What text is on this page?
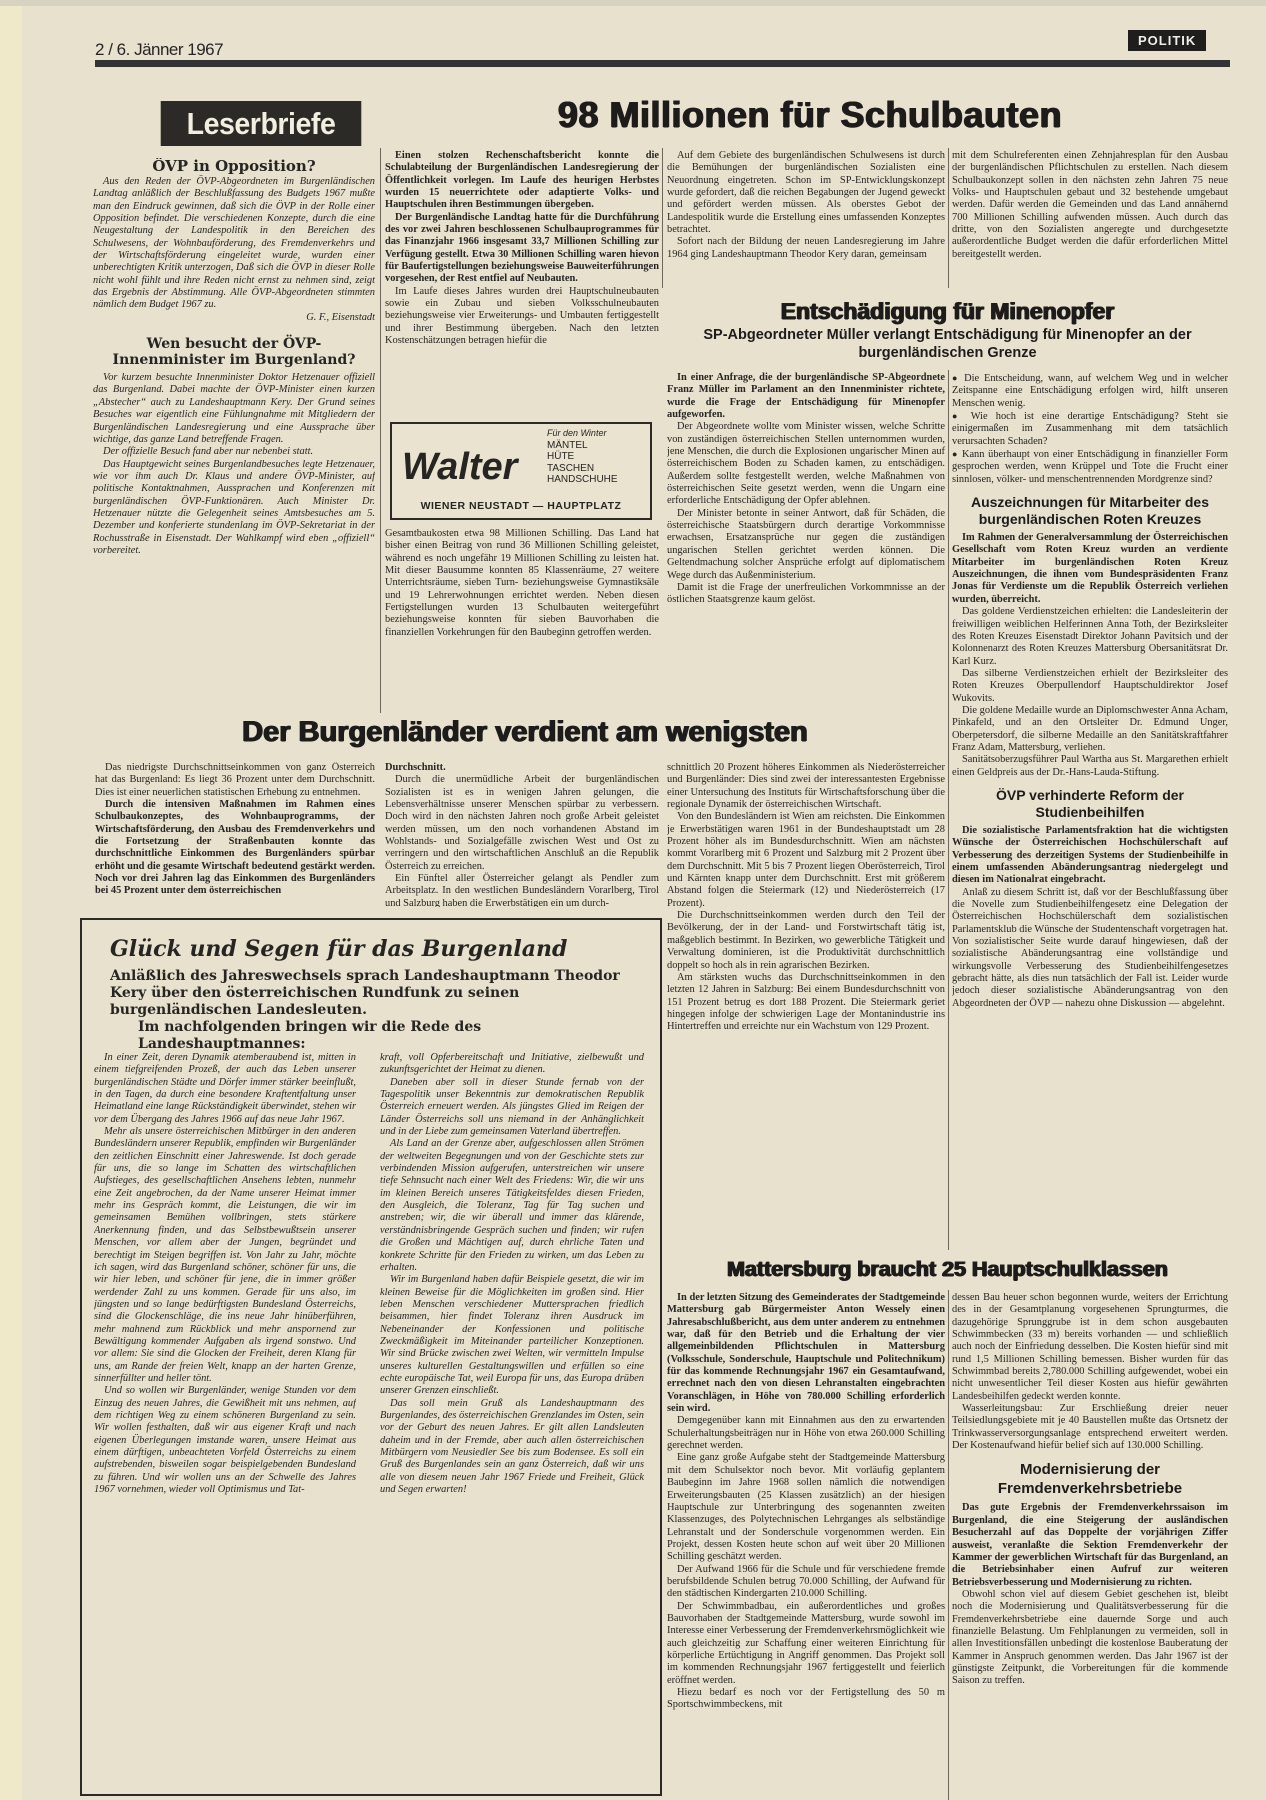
2 / 6. Jänner 1967	POLITIK
Leserbriefe
ÖVP in Opposition?

Aus den Reden der ÖVP-Abgeordneten im Burgenländischen Landtag anläßlich der Beschlußfassung des Budgets 1967 mußte man den Eindruck gewinnen, daß sich die ÖVP in der Rolle einer Opposition befindet. Die verschiedenen Konzepte, durch die eine Neugestaltung der Landespolitik in den Bereichen des Schulwesens, der Wohnbauförderung, des Fremdenverkehrs und der Wirtschaftsförderung eingeleitet wurde, wurden einer unberechtigten Kritik unterzogen, Daß sich die ÖVP in dieser Rolle nicht wohl fühlt und ihre Reden nicht ernst zu nehmen sind, zeigt das Ergebnis der Abstimmung. Alle ÖVP-Abgeordneten stimmten nämlich dem Budget 1967 zu.

G. F., Eisenstadt
Wen besucht der ÖVP-Innenminister im Burgenland?

Vor kurzem besuchte Innenminister Doktor Hetzenauer offiziell das Burgenland. Dabei machte der ÖVP-Minister einen kurzen „Abstecher“ auch zu Landeshauptmann Kery. Der Grund seines Besuches war eigentlich eine Fühlungnahme mit Mitgliedern der Burgenländischen Landesregierung und eine Aussprache über wichtige, das ganze Land betreffende Fragen.

Der offizielle Besuch fand aber nur nebenbei statt.

Das Hauptgewicht seines Burgenlandbesuches legte Hetzenauer, wie vor ihm auch Dr. Klaus und andere ÖVP-Minister, auf politische Kontaktnahmen, Aussprachen und Konferenzen mit burgenländischen ÖVP-Funktionären. Auch Minister Dr. Hetzenauer nützte die Gelegenheit seines Amtsbesuches am 5. Dezember und konferierte stundenlang im ÖVP-Sekretariat in der Rochusstraße in Eisenstadt. Der Wahlkampf wird eben „offiziell“ vorbereitet.

98 Millionen für Schulbauten

Einen stolzen Rechenschaftsbericht konnte die Schulabteilung der Burgenländischen Landesregierung der Öffentlichkeit vorlegen. Im Laufe des heurigen Herbstes wurden 15 neuerrichtete oder adaptierte Volks- und Hauptschulen ihren Bestimmungen übergeben.

Der Burgenländische Landtag hatte für die Durchführung des vor zwei Jahren beschlossenen Schulbauprogrammes für das Finanzjahr 1966 insgesamt 33,7 Millionen Schilling zur Verfügung gestellt. Etwa 30 Millionen Schilling waren hievon für Baufertigstellungen beziehungsweise Bauweiterführungen vorgesehen, der Rest entfiel auf Neubauten.

Im Laufe dieses Jahres wurden drei Hauptschulneubauten sowie ein Zubau und sieben Volksschulneubauten beziehungsweise vier Erweiterungs- und Umbauten fertiggestellt und ihrer Bestimmung übergeben. Nach den letzten Kostenschätzungen betragen hiefür die

Walter
Für den Winter
MÄNTEL
HÜTE
TASCHEN
HANDSCHUHE
WIENER NEUSTADT — HAUPTPLATZ

Gesamtbaukosten etwa 98 Millionen Schilling. Das Land hat bisher einen Beitrag von rund 36 Millionen Schilling geleistet, während es noch ungefähr 19 Millionen Schilling zu leisten hat. Mit dieser Bausumme konnten 85 Klassenräume, 27 weitere Unterrichtsräume, sieben Turn- beziehungsweise Gymnastiksäle und 19 Lehrerwohnungen errichtet werden. Neben diesen Fertigstellungen wurden 13 Schulbauten weitergeführt beziehungsweise konnten für sieben Bauvorhaben die finanziellen Vorkehrungen für den Baubeginn getroffen werden.

Auf dem Gebiete des burgenländischen Schulwesens ist durch die Bemühungen der burgenländischen Sozialisten eine Neuordnung eingetreten. Schon im SP-Entwicklungskonzept wurde gefordert, daß die reichen Begabungen der Jugend geweckt und gefördert werden müssen. Als oberstes Gebot der Landespolitik wurde die Erstellung eines umfassenden Konzeptes betrachtet.

Sofort nach der Bildung der neuen Landesregierung im Jahre 1964 ging Landeshauptmann Theodor Kery daran, gemeinsam

mit dem Schulreferenten einen Zehnjahresplan für den Ausbau der burgenländischen Pflichtschulen zu erstellen. Nach diesem Schulbaukonzept sollen in den nächsten zehn Jahren 75 neue Volks- und Hauptschulen gebaut und 32 bestehende umgebaut werden. Dafür werden die Gemeinden und das Land annähernd 700 Millionen Schilling aufwenden müssen. Auch durch das dritte, von den Sozialisten angeregte und durchgesetzte außerordentliche Budget werden die dafür erforderlichen Mittel bereitgestellt werden.

Entschädigung für Minenopfer
SP-Abgeordneter Müller verlangt Entschädigung für Minenopfer an der burgenländischen Grenze

In einer Anfrage, die der burgenländische SP-Abgeordnete Franz Müller im Parlament an den Innenminister richtete, wurde die Frage der Entschädigung für Minenopfer aufgeworfen.

Der Abgeordnete wollte vom Minister wissen, welche Schritte von zuständigen österreichischen Stellen unternommen wurden, jene Menschen, die durch die Explosionen ungarischer Minen auf österreichischem Boden zu Schaden kamen, zu entschädigen. Außerdem sollte festgestellt werden, welche Maßnahmen von österreichischen Seite gesetzt werden, wenn die Ungarn eine erforderliche Entschädigung der Opfer ablehnen.

Der Minister betonte in seiner Antwort, daß für Schäden, die österreichische Staatsbürgern durch derartige Vorkommnisse erwachsen, Ersatzansprüche nur gegen die zuständigen ungarischen Stellen gerichtet werden können. Die Geltendmachung solcher Ansprüche erfolgt auf diplomatischem Wege durch das Außenministerium.

Damit ist die Frage der unerfreulichen Vorkommnisse an der östlichen Staatsgrenze kaum gelöst.

● Die Entscheidung, wann, auf welchem Weg und in welcher Zeitspanne eine Entschädigung erfolgen wird, hilft unseren Menschen wenig.
● Wie hoch ist eine derartige Entschädigung? Steht sie einigermaßen im Zusammenhang mit dem tatsächlich verursachten Schaden?
● Kann überhaupt von einer Entschädigung in finanzieller Form gesprochen werden, wenn Krüppel und Tote die Frucht einer sinnlosen, völker- und menschentrennenden Mordgrenze sind?
Auszeichnungen für Mitarbeiter des burgenländischen Roten Kreuzes

Im Rahmen der Generalversammlung der Österreichischen Gesellschaft vom Roten Kreuz wurden an verdiente Mitarbeiter im burgenländischen Roten Kreuz Auszeichnungen, die ihnen vom Bundespräsidenten Franz Jonas für Verdienste um die Republik Österreich verliehen wurden, überreicht.

Das goldene Verdienstzeichen erhielten: die Landesleiterin der freiwilligen weiblichen Helferinnen Anna Toth, der Bezirksleiter des Roten Kreuzes Eisenstadt Direktor Johann Pavitsich und der Kolonnenarzt des Roten Kreuzes Mattersburg Obersanitätsrat Dr. Karl Kurz.

Das silberne Verdienstzeichen erhielt der Bezirksleiter des Roten Kreuzes Oberpullendorf Hauptschuldirektor Josef Wukovits.

Die goldene Medaille wurde an Diplomschwester Anna Acham, Pinkafeld, und an den Ortsleiter Dr. Edmund Unger, Oberpetersdorf, die silberne Medaille an den Sanitätskraftfahrer Franz Adam, Mattersburg, verliehen.

Sanitätsoberzugsführer Paul Wartha aus St. Margarethen erhielt einen Geldpreis aus der Dr.-Hans-Lauda-Stiftung.

ÖVP verhinderte Reform der Studienbeihilfen

Die sozialistische Parlamentsfraktion hat die wichtigsten Wünsche der Österreichischen Hochschülerschaft auf Verbesserung des derzeitigen Systems der Studienbeihilfe in einem umfassenden Abänderungsantrag niedergelegt und diesen im Nationalrat eingebracht.

Anlaß zu diesem Schritt ist, daß vor der Beschlußfassung über die Novelle zum Studienbeihilfengesetz eine Delegation der Österreichischen Hochschülerschaft dem sozialistischen Parlamentsklub die Wünsche der Studentenschaft vorgetragen hat. Von sozialistischer Seite wurde darauf hingewiesen, daß der sozialistische Abänderungsantrag eine vollständige und wirkungsvolle Verbesserung des Studienbeihilfengesetzes gebracht hätte, als dies nun tatsächlich der Fall ist. Leider wurde jedoch dieser sozialistische Abänderungsantrag von den Abgeordneten der ÖVP — nahezu ohne Diskussion — abgelehnt.

Der Burgenländer verdient am wenigsten

Das niedrigste Durchschnittseinkommen von ganz Österreich hat das Burgenland: Es liegt 36 Prozent unter dem Durchschnitt. Dies ist einer neuerlichen statistischen Erhebung zu entnehmen.

Durch die intensiven Maßnahmen im Rahmen eines Schulbaukonzeptes, des Wohnbauprogramms, der Wirtschaftsförderung, den Ausbau des Fremdenverkehrs und die Fortsetzung der Straßenbauten konnte das durchschnittliche Einkommen des Burgenländers spürbar erhöht und die gesamte Wirtschaft bedeutend gestärkt werden. Noch vor drei Jahren lag das Einkommen des Burgenländers bei 45 Prozent unter dem österreichischen

Durchschnitt.

Durch die unermüdliche Arbeit der burgenländischen Sozialisten ist es in wenigen Jahren gelungen, die Lebensverhältnisse unserer Menschen spürbar zu verbessern. Doch wird in den nächsten Jahren noch große Arbeit geleistet werden müssen, um den noch vorhandenen Abstand im Wohlstands- und Sozialgefälle zwischen West und Ost zu verringern und den wirtschaftlichen Anschluß an die Republik Österreich zu erreichen.

Ein Fünftel aller Österreicher gelangt als Pendler zum Arbeitsplatz. In den westlichen Bundesländern Vorarlberg, Tirol und Salzburg haben die Erwerbstätigen ein um durch-

schnittlich 20 Prozent höheres Einkommen als Niederösterreicher und Burgenländer: Dies sind zwei der interessantesten Ergebnisse einer Untersuchung des Instituts für Wirtschaftsforschung über die regionale Dynamik der österreichischen Wirtschaft.

Von den Bundesländern ist Wien am reichsten. Die Einkommen je Erwerbstätigen waren 1961 in der Bundeshauptstadt um 28 Prozent höher als im Bundesdurchschnitt. Wien am nächsten kommt Vorarlberg mit 6 Prozent und Salzburg mit 2 Prozent über dem Durchschnitt. Mit 5 bis 7 Prozent liegen Oberösterreich, Tirol und Kärnten knapp unter dem Durchschnitt. Erst mit größerem Abstand folgen die Steiermark (12) und Niederösterreich (17 Prozent).

Die Durchschnittseinkommen werden durch den Teil der Bevölkerung, der in der Land- und Forstwirtschaft tätig ist, maßgeblich bestimmt. In Bezirken, wo gewerbliche Tätigkeit und Verwaltung dominieren, ist die Produktivität durchschnittlich doppelt so hoch als in rein agrarischen Bezirken.

Am stärksten wuchs das Durchschnittseinkommen in den letzten 12 Jahren in Salzburg: Bei einem Bundesdurchschnitt von 151 Prozent betrug es dort 188 Prozent. Die Steiermark geriet hingegen infolge der schwierigen Lage der Montanindustrie ins Hintertreffen und erreichte nur ein Wachstum von 129 Prozent.

Glück und Segen für das Burgenland
Anläßlich des Jahreswechsels sprach Landeshauptmann Theodor Kery über den österreichischen Rundfunk zu seinen burgenländischen Landesleuten.
Im nachfolgenden bringen wir die Rede des Landeshauptmannes:

In einer Zeit, deren Dynamik atemberaubend ist, mitten in einem tiefgreifenden Prozeß, der auch das Leben unserer burgenländischen Städte und Dörfer immer stärker beeinflußt, in den Tagen, da durch eine besondere Kraftentfaltung unser Heimatland eine lange Rückständigkeit überwindet, stehen wir vor dem Übergang des Jahres 1966 auf das neue Jahr 1967.

Mehr als unsere österreichischen Mitbürger in den anderen Bundesländern unserer Republik, empfinden wir Burgenländer den zeitlichen Einschnitt einer Jahreswende. Ist doch gerade für uns, die so lange im Schatten des wirtschaftlichen Aufstieges, des gesellschaftlichen Ansehens lebten, nunmehr eine Zeit angebrochen, da der Name unserer Heimat immer mehr ins Gespräch kommt, die Leistungen, die wir im gemeinsamen Bemühen vollbringen, stets stärkere Anerkennung finden, und das Selbstbewußtsein unserer Menschen, vor allem aber der Jungen, begründet und berechtigt im Steigen begriffen ist. Von Jahr zu Jahr, möchte ich sagen, wird das Burgenland schöner, schöner für uns, die wir hier leben, und schöner für jene, die in immer größer werdender Zahl zu uns kommen. Gerade für uns also, im jüngsten und so lange bedürftigsten Bundesland Österreichs, sind die Glockenschläge, die ins neue Jahr hinüberführen, mehr mahnend zum Rückblick und mehr anspornend zur Bewältigung kommender Aufgaben als irgend sonstwo. Und vor allem: Sie sind die Glocken der Freiheit, deren Klang für uns, am Rande der freien Welt, knapp an der harten Grenze, sinnerfüllter und heller tönt.

Und so wollen wir Burgenländer, wenige Stunden vor dem Einzug des neuen Jahres, die Gewißheit mit uns nehmen, auf dem richtigen Weg zu einem schöneren Burgenland zu sein. Wir wollen festhalten, daß wir aus eigener Kraft und nach eigenen Überlegungen imstande waren, unsere Heimat aus einem dürftigen, unbeachteten Vorfeld Österreichs zu einem aufstrebenden, bisweilen sogar beispielgebenden Bundesland zu führen. Und wir wollen uns an der Schwelle des Jahres 1967 vornehmen, wieder voll Optimismus und Tat-

kraft, voll Opferbereitschaft und Initiative, zielbewußt und zukunftsgerichtet der Heimat zu dienen.

Daneben aber soll in dieser Stunde fernab von der Tagespolitik unser Bekenntnis zur demokratischen Republik Österreich erneuert werden. Als jüngstes Glied im Reigen der Länder Österreichs soll uns niemand in der Anhänglichkeit und in der Liebe zum gemeinsamen Vaterland übertreffen.

Als Land an der Grenze aber, aufgeschlossen allen Strömen der weltweiten Begegnungen und von der Geschichte stets zur verbindenden Mission aufgerufen, unterstreichen wir unsere tiefe Sehnsucht nach einer Welt des Friedens: Wir, die wir uns im kleinen Bereich unseres Tätigkeitsfeldes diesen Frieden, den Ausgleich, die Toleranz, Tag für Tag suchen und anstreben; wir, die wir überall und immer das klärende, verständnisbringende Gespräch suchen und finden; wir rufen die Großen und Mächtigen auf, durch ehrliche Taten und konkrete Schritte für den Frieden zu wirken, um das Leben zu erhalten.

Wir im Burgenland haben dafür Beispiele gesetzt, die wir im kleinen Beweise für die Möglichkeiten im großen sind. Hier leben Menschen verschiedener Muttersprachen friedlich beisammen, hier findet Toleranz ihren Ausdruck im Nebeneinander der Konfessionen und politische Zweckmäßigkeit im Miteinander parteilicher Konzeptionen. Wir sind Brücke zwischen zwei Welten, wir vermitteln Impulse unseres kulturellen Gestaltungswillen und erfüllen so eine echte europäische Tat, weil Europa für uns, das Europa drüben unserer Grenzen einschließt.

Das soll mein Gruß als Landeshauptmann des Burgenlandes, des österreichischen Grenzlandes im Osten, sein vor der Geburt des neuen Jahres. Er gilt allen Landsleuten daheim und in der Fremde, aber auch allen österreichischen Mitbürgern vom Neusiedler See bis zum Bodensee. Es soll ein Gruß des Burgenlandes sein an ganz Österreich, daß wir uns alle von diesem neuen Jahr 1967 Friede und Freiheit, Glück und Segen erwarten!

Mattersburg braucht 25 Hauptschulklassen

In der letzten Sitzung des Gemeinderates der Stadtgemeinde Mattersburg gab Bürgermeister Anton Wessely einen Jahresabschlußbericht, aus dem unter anderem zu entnehmen war, daß für den Betrieb und die Erhaltung der vier allgemeinbildenden Pflichtschulen in Mattersburg (Volksschule, Sonderschule, Hauptschule und Politechnikum) für das kommende Rechnungsjahr 1967 ein Gesamtaufwand, errechnet nach den von diesen Lehranstalten eingebrachten Voranschlägen, in Höhe von 780.000 Schilling erforderlich sein wird.

Demgegenüber kann mit Einnahmen aus den zu erwartenden Schulerhaltungsbeiträgen nur in Höhe von etwa 260.000 Schilling gerechnet werden.

Eine ganz große Aufgabe steht der Stadtgemeinde Mattersburg mit dem Schulsektor noch bevor. Mit vorläufig geplantem Baubeginn im Jahre 1968 sollen nämlich die notwendigen Erweiterungsbauten (25 Klassen zusätzlich) an der hiesigen Hauptschule zur Unterbringung des sogenannten zweiten Klassenzuges, des Polytechnischen Lehrganges als selbständige Lehranstalt und der Sonderschule vorgenommen werden. Ein Projekt, dessen Kosten heute schon auf weit über 20 Millionen Schilling geschätzt werden.

Der Aufwand 1966 für die Schule und für verschiedene fremde berufsbildende Schulen betrug 70.000 Schilling, der Aufwand für den städtischen Kindergarten 210.000 Schilling.

Der Schwimmbadbau, ein außerordentliches und großes Bauvorhaben der Stadtgemeinde Mattersburg, wurde sowohl im Interesse einer Verbesserung der Fremdenverkehrsmöglichkeit wie auch gleichzeitig zur Schaffung einer weiteren Einrichtung für körperliche Ertüchtigung in Angriff genommen. Das Projekt soll im kommenden Rechnungsjahr 1967 fertiggestellt und feierlich eröffnet werden.

Hiezu bedarf es noch vor der Fertigstellung des 50 m Sportschwimmbeckens, mit

dessen Bau heuer schon begonnen wurde, weiters der Errichtung des in der Gesamtplanung vorgesehenen Sprungturmes, die dazugehörige Sprunggrube ist in dem schon ausgebauten Schwimmbecken (33 m) bereits vorhanden — und schließlich auch noch der Einfriedung desselben. Die Kosten hiefür sind mit rund 1,5 Millionen Schilling bemessen. Bisher wurden für das Schwimmbad bereits 2,780.000 Schilling aufgewendet, wobei ein nicht unwesentlicher Teil dieser Kosten aus hiefür gewährten Landesbeihilfen gedeckt werden konnte.

Wasserleitungsbau: Zur Erschließung dreier neuer Teilsiedlungsgebiete mit je 40 Baustellen mußte das Ortsnetz der Trinkwasserversorgungsanlage entsprechend erweitert werden. Der Kostenaufwand hiefür belief sich auf 130.000 Schilling.

Modernisierung der Fremdenverkehrsbetriebe

Das gute Ergebnis der Fremdenverkehrssaison im Burgenland, die eine Steigerung der ausländischen Besucherzahl auf das Doppelte der vorjährigen Ziffer ausweist, veranlaßte die Sektion Fremdenverkehr der Kammer der gewerblichen Wirtschaft für das Burgenland, an die Betriebsinhaber einen Aufruf zur weiteren Betriebsverbesserung und Modernisierung zu richten.

Obwohl schon viel auf diesem Gebiet geschehen ist, bleibt noch die Modernisierung und Qualitätsverbesserung für die Fremdenverkehrsbetriebe eine dauernde Sorge und auch finanzielle Belastung. Um Fehlplanungen zu vermeiden, soll in allen Investitionsfällen unbedingt die kostenlose Bauberatung der Kammer in Anspruch genommen werden. Das Jahr 1967 ist der günstigste Zeitpunkt, die Vorbereitungen für die kommende Saison zu treffen.
